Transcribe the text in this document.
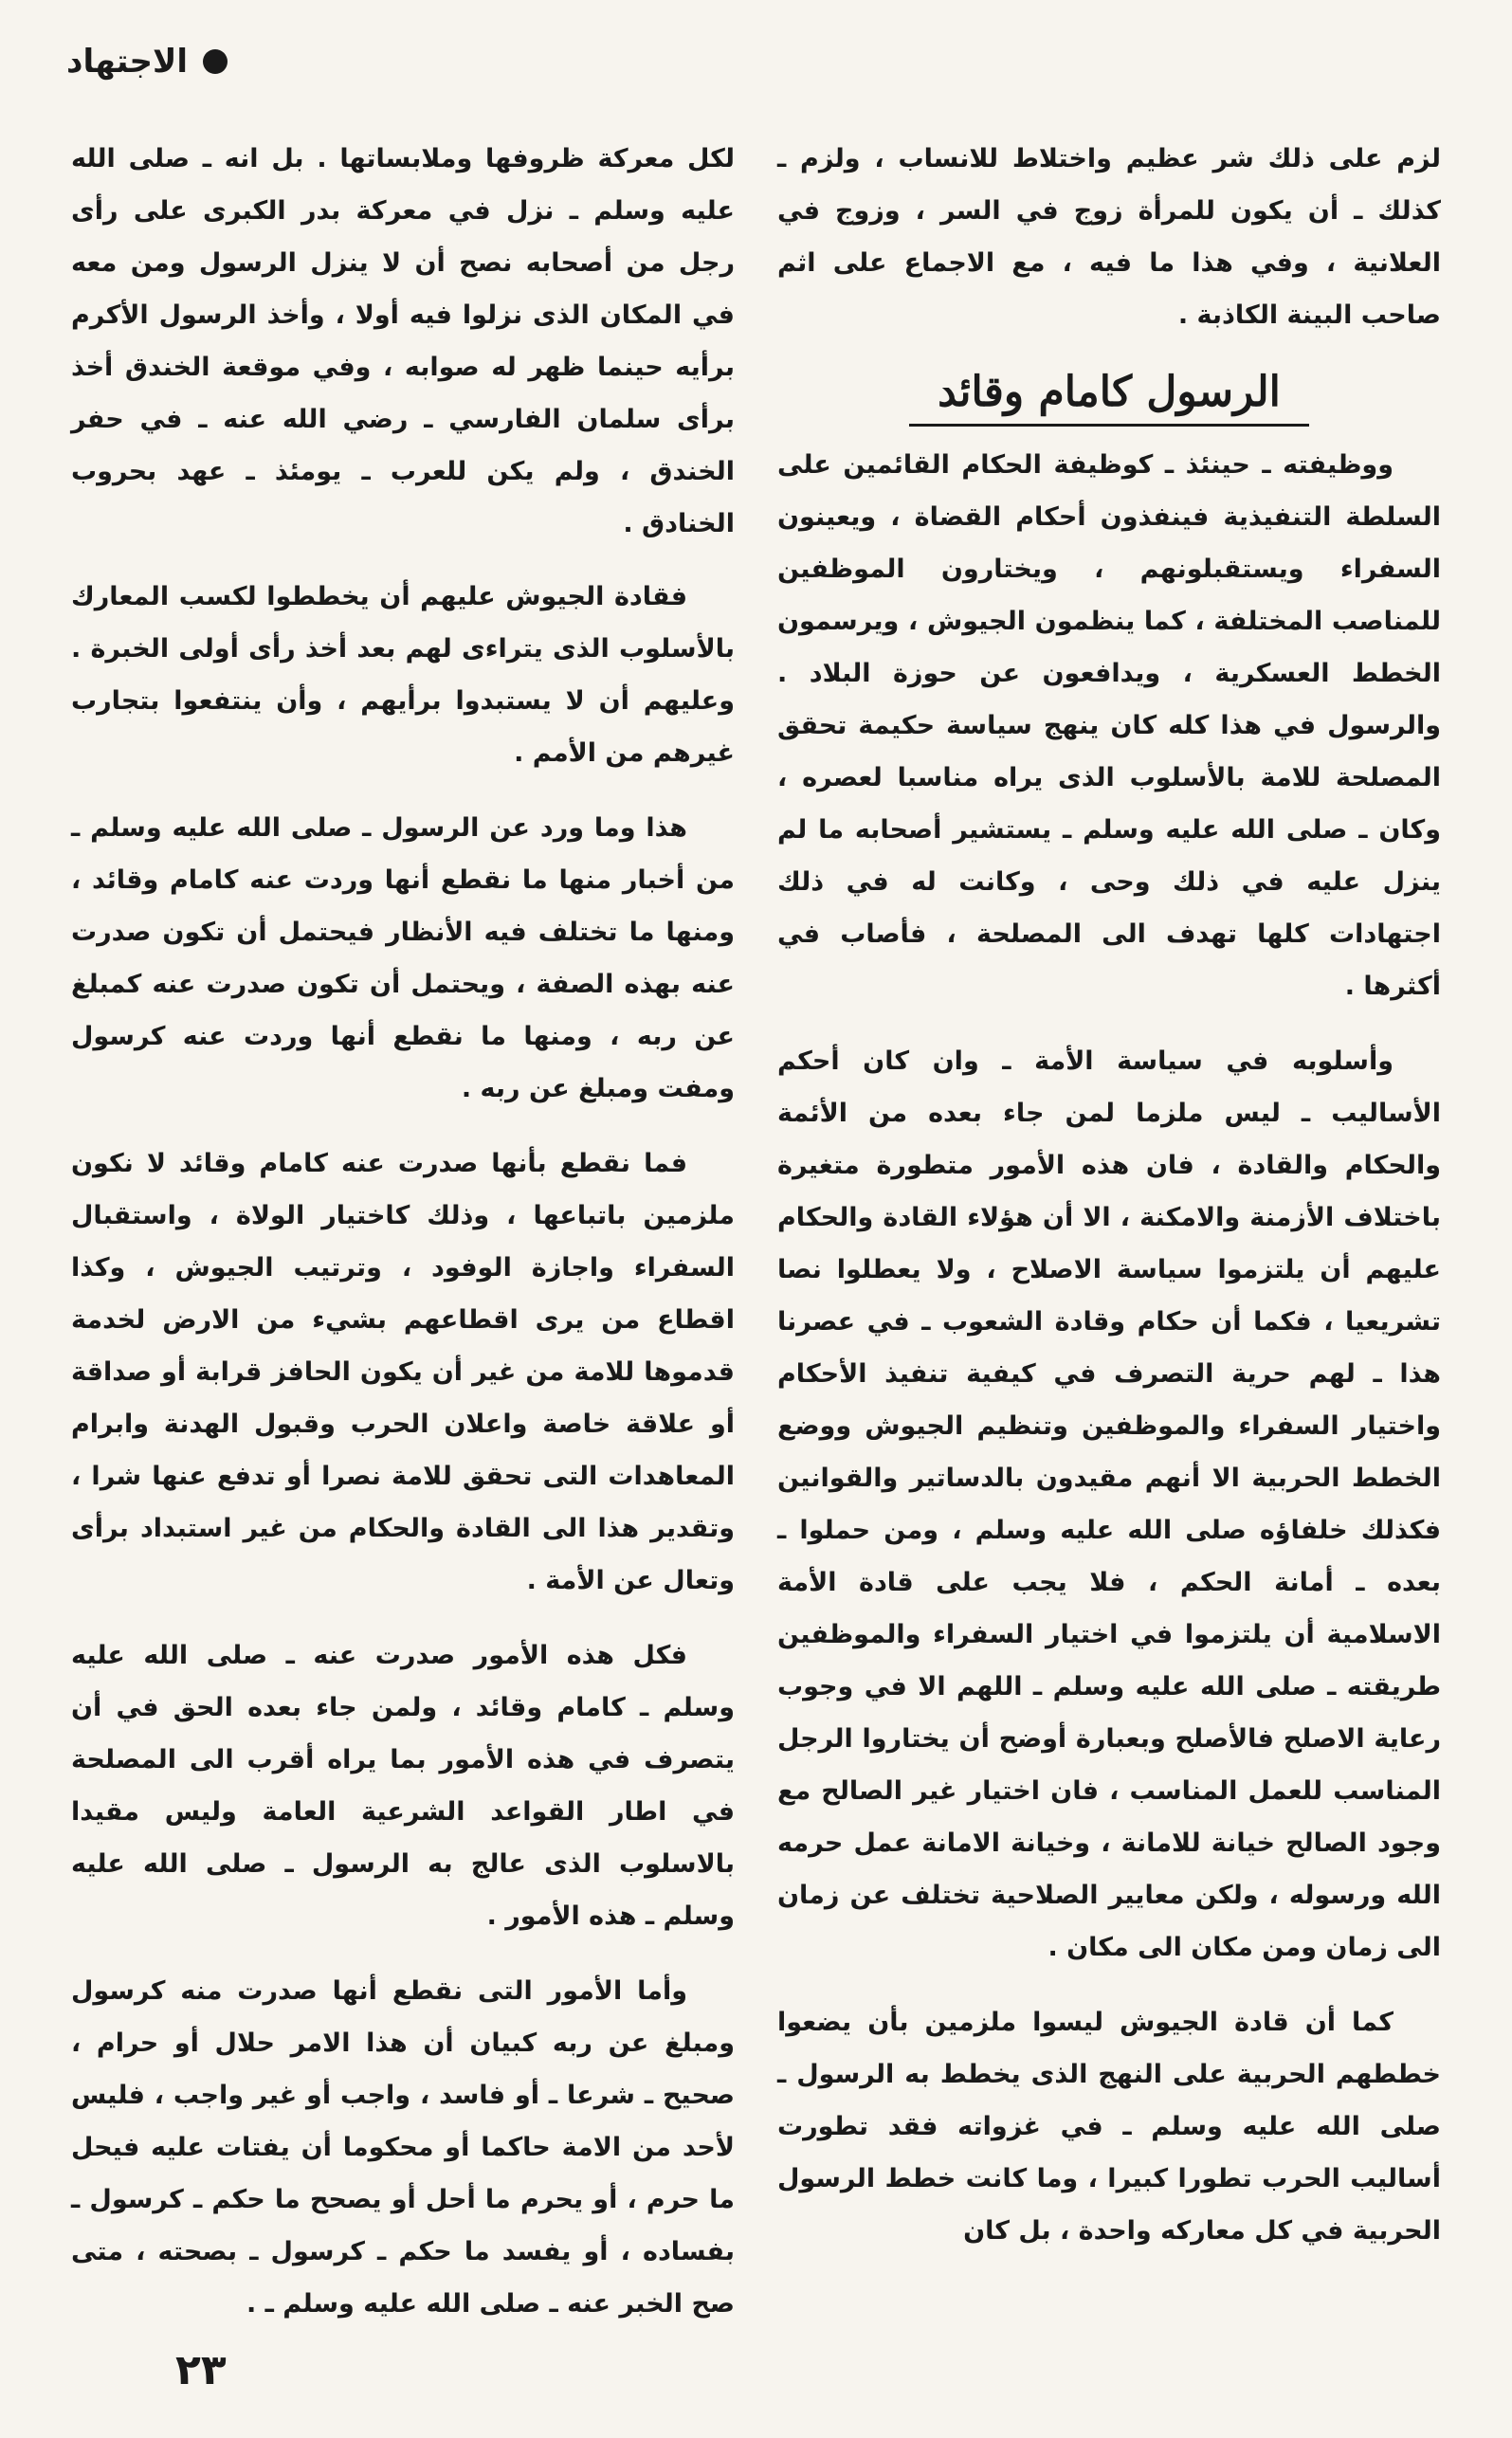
الاجتهاد

لزم على ذلك شر عظيم واختلاط للانساب ، ولزم ـ كذلك ـ أن يكون للمرأة زوج في السر ، وزوج في العلانية ، وفي هذا ما فيه ، مع الاجماع على اثم صاحب البينة الكاذبة .

الرسول كامام وقائد

ووظيفته ـ حينئذ ـ كوظيفة الحكام القائمين على السلطة التنفيذية فينفذون أحكام القضاة ، ويعينون السفراء ويستقبلونهم ، ويختارون الموظفين للمناصب المختلفة ، كما ينظمون الجيوش ، ويرسمون الخطط العسكرية ، ويدافعون عن حوزة البلاد . والرسول في هذا كله كان ينهج سياسة حكيمة تحقق المصلحة للامة بالأسلوب الذى يراه مناسبا لعصره ، وكان ـ صلى الله عليه وسلم ـ يستشير أصحابه ما لم ينزل عليه في ذلك وحى ، وكانت له في ذلك اجتهادات كلها تهدف الى المصلحة ، فأصاب في أكثرها .

وأسلوبه في سياسة الأمة ـ وان كان أحكم الأساليب ـ ليس ملزما لمن جاء بعده من الأئمة والحكام والقادة ، فان هذه الأمور متطورة متغيرة باختلاف الأزمنة والامكنة ، الا أن هؤلاء القادة والحكام عليهم أن يلتزموا سياسة الاصلاح ، ولا يعطلوا نصا تشريعيا ، فكما أن حكام وقادة الشعوب ـ في عصرنا هذا ـ لهم حرية التصرف في كيفية تنفيذ الأحكام واختيار السفراء والموظفين وتنظيم الجيوش ووضع الخطط الحربية الا أنهم مقيدون بالدساتير والقوانين فكذلك خلفاؤه صلى الله عليه وسلم ، ومن حملوا ـ بعده ـ أمانة الحكم ، فلا يجب على قادة الأمة الاسلامية أن يلتزموا في اختيار السفراء والموظفين طريقته ـ صلى الله عليه وسلم ـ اللهم الا في وجوب رعاية الاصلح فالأصلح وبعبارة أوضح أن يختاروا الرجل المناسب للعمل المناسب ، فان اختيار غير الصالح مع وجود الصالح خيانة للامانة ، وخيانة الامانة عمل حرمه الله ورسوله ، ولكن معايير الصلاحية تختلف عن زمان الى زمان ومن مكان الى مكان .

كما أن قادة الجيوش ليسوا ملزمين بأن يضعوا خططهم الحربية على النهج الذى يخطط به الرسول ـ صلى الله عليه وسلم ـ في غزواته فقد تطورت أساليب الحرب تطورا كبيرا ، وما كانت خطط الرسول الحربية في كل معاركه واحدة ، بل كان

لكل معركة ظروفها وملابساتها . بل انه ـ صلى الله عليه وسلم ـ نزل في معركة بدر الكبرى على رأى رجل من أصحابه نصح أن لا ينزل الرسول ومن معه في المكان الذى نزلوا فيه أولا ، وأخذ الرسول الأكرم برأيه حينما ظهر له صوابه ، وفي موقعة الخندق أخذ برأى سلمان الفارسي ـ رضي الله عنه ـ في حفر الخندق ، ولم يكن للعرب ـ يومئذ ـ عهد بحروب الخنادق .

فقادة الجيوش عليهم أن يخططوا لكسب المعارك بالأسلوب الذى يتراءى لهم بعد أخذ رأى أولى الخبرة . وعليهم أن لا يستبدوا برأيهم ، وأن ينتفعوا بتجارب غيرهم من الأمم .

هذا وما ورد عن الرسول ـ صلى الله عليه وسلم ـ من أخبار منها ما نقطع أنها وردت عنه كامام وقائد ، ومنها ما تختلف فيه الأنظار فيحتمل أن تكون صدرت عنه بهذه الصفة ، ويحتمل أن تكون صدرت عنه كمبلغ عن ربه ، ومنها ما نقطع أنها وردت عنه كرسول ومفت ومبلغ عن ربه .

فما نقطع بأنها صدرت عنه كامام وقائد لا نكون ملزمين باتباعها ، وذلك كاختيار الولاة ، واستقبال السفراء واجازة الوفود ، وترتيب الجيوش ، وكذا اقطاع من يرى اقطاعهم بشيء من الارض لخدمة قدموها للامة من غير أن يكون الحافز قرابة أو صداقة أو علاقة خاصة واعلان الحرب وقبول الهدنة وابرام المعاهدات التى تحقق للامة نصرا أو تدفع عنها شرا ، وتقدير هذا الى القادة والحكام من غير استبداد برأى وتعال عن الأمة .

فكل هذه الأمور صدرت عنه ـ صلى الله عليه وسلم ـ كامام وقائد ، ولمن جاء بعده الحق في أن يتصرف في هذه الأمور بما يراه أقرب الى المصلحة في اطار القواعد الشرعية العامة وليس مقيدا بالاسلوب الذى عالج به الرسول ـ صلى الله عليه وسلم ـ هذه الأمور .

وأما الأمور التى نقطع أنها صدرت منه كرسول ومبلغ عن ربه كبيان أن هذا الامر حلال أو حرام ، صحيح ـ شرعا ـ أو فاسد ، واجب أو غير واجب ، فليس لأحد من الامة حاكما أو محكوما أن يفتات عليه فيحل ما حرم ، أو يحرم ما أحل أو يصحح ما حكم ـ كرسول ـ بفساده ، أو يفسد ما حكم ـ كرسول ـ بصحته ، متى صح الخبر عنه ـ صلى الله عليه وسلم ـ .

٢٣
